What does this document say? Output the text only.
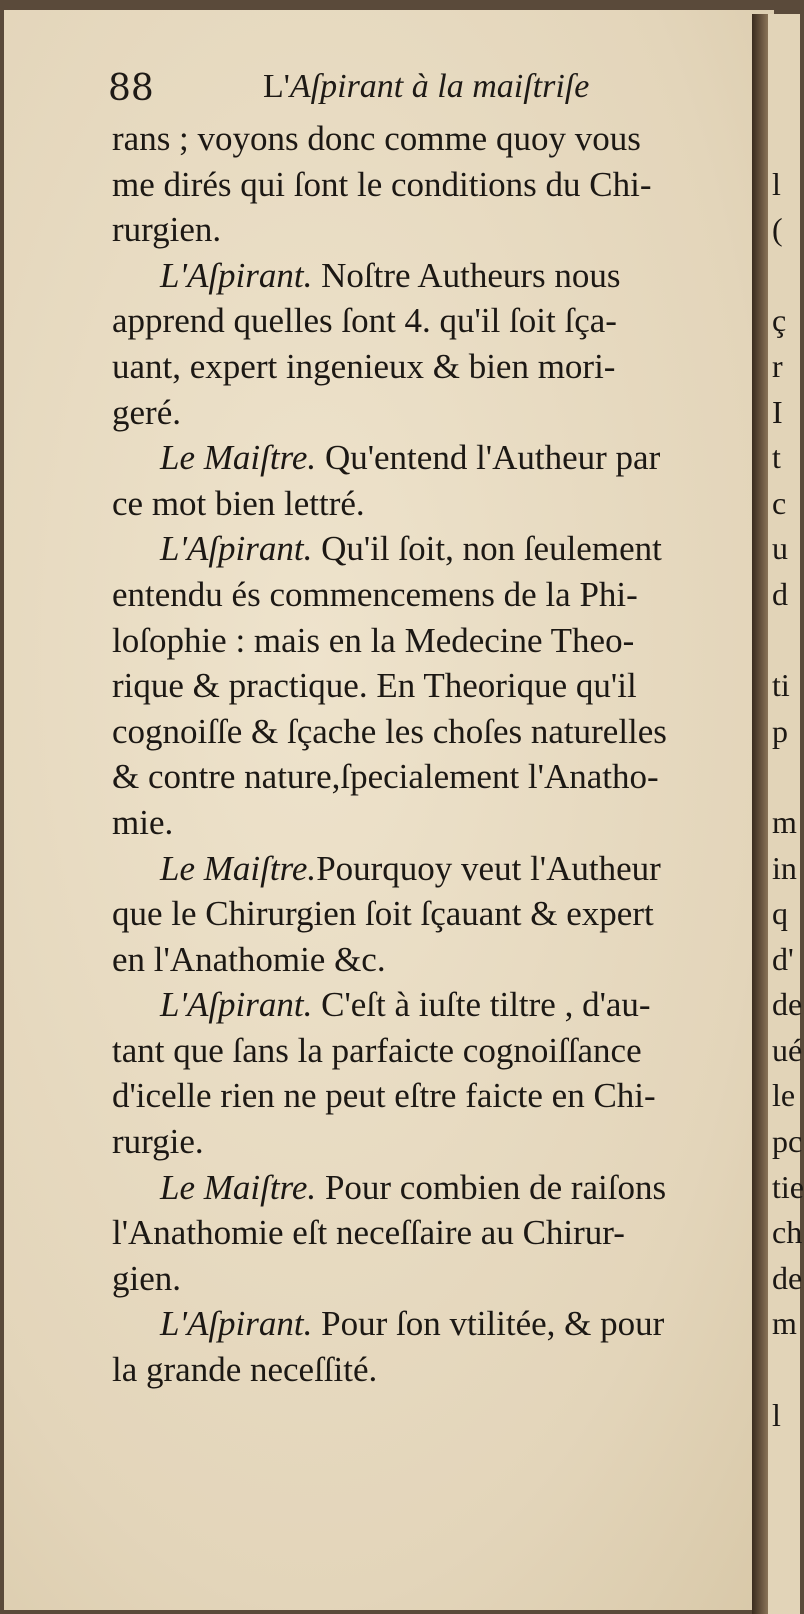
88	L'Aſpirant à la maiſtriſe
rans ; voyons donc comme quoy vous
me dirés qui ſont le conditions du Chi-
rurgien.
L'Aſpirant. Noſtre Autheurs nous
apprend quelles ſont 4. qu'il ſoit ſça-
uant, expert ingenieux & bien mori-
geré.
Le Maiſtre. Qu'entend l'Autheur par
ce mot bien lettré.
L'Aſpirant. Qu'il ſoit, non ſeulement
entendu és commencemens de la Phi-
loſophie : mais en la Medecine Theo-
rique & practique. En Theorique qu'il
cognoiſſe & ſçache les choſes naturelles
& contre nature,ſpecialement l'Anatho-
mie.
Le Maiſtre.Pourquoy veut l'Autheur
que le Chirurgien ſoit ſçauant & expert
en l'Anathomie &c.
L'Aſpirant. C'eſt à iuſte tiltre , d'au-
tant que ſans la parfaicte cognoiſſance
d'icelle rien ne peut eſtre faicte en Chi-
rurgie.
Le Maiſtre. Pour combien de raiſons
l'Anathomie eſt neceſſaire au Chirur-
gien.
L'Aſpirant. Pour ſon vtilitée, & pour
la grande neceſſité.
l
(
ç
r
I
t
c
u
d
ti
p
m
in
q
d'
de
ué
le
pc
tie
ch
de
m
l
